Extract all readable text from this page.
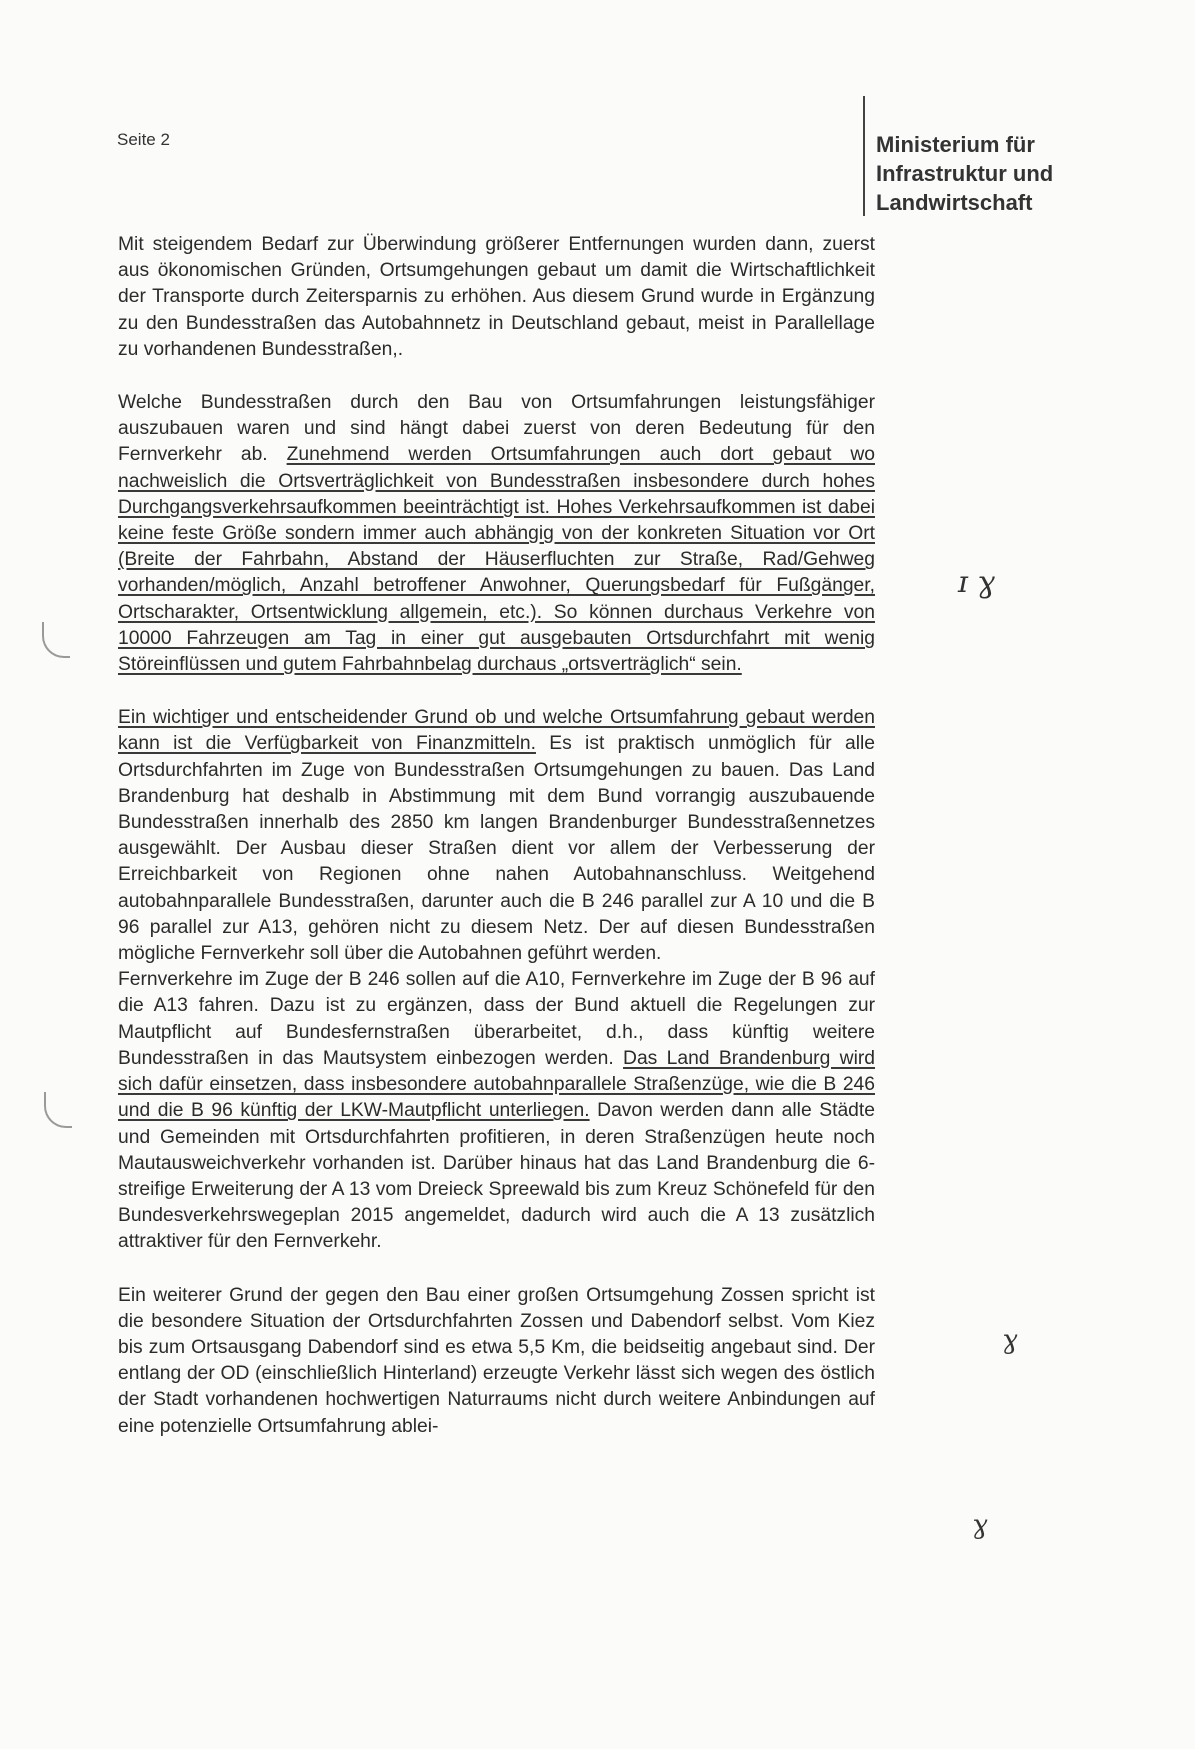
Seite 2	Ministerium für
Infrastruktur und
Landwirtschaft

Mit steigendem Bedarf zur Überwindung größerer Entfernungen wurden dann, zuerst aus ökonomischen Gründen, Ortsumgehungen gebaut um damit die Wirtschaftlichkeit der Transporte durch Zeitersparnis zu erhöhen. Aus diesem Grund wurde in Ergänzung zu den Bundesstraßen das Autobahnnetz in Deutschland gebaut, meist in Parallellage zu vorhandenen Bundesstraßen,.

Welche Bundesstraßen durch den Bau von Ortsumfahrungen leistungsfähiger auszubauen waren und sind hängt dabei zuerst von deren Bedeutung für den Fernverkehr ab. Zunehmend werden Ortsumfahrungen auch dort gebaut wo nachweislich die Ortsverträglichkeit von Bundesstraßen insbesondere durch hohes Durchgangsverkehrsaufkommen beeinträchtigt ist. Hohes Verkehrsaufkommen ist dabei keine feste Größe sondern immer auch abhängig von der konkreten Situation vor Ort (Breite der Fahrbahn, Abstand der Häuserfluchten zur Straße, Rad/Gehweg vorhanden/möglich, Anzahl betroffener Anwohner, Querungsbedarf für Fußgänger, Ortscharakter, Ortsentwicklung allgemein, etc.). So können durchaus Verkehre von 10000 Fahrzeugen am Tag in einer gut ausgebauten Ortsdurchfahrt mit wenig Störeinflüssen und gutem Fahrbahnbelag durchaus „ortsverträglich“ sein.

Ein wichtiger und entscheidender Grund ob und welche Ortsumfahrung gebaut werden kann ist die Verfügbarkeit von Finanzmitteln. Es ist praktisch unmöglich für alle Ortsdurchfahrten im Zuge von Bundesstraßen Ortsumgehungen zu bauen. Das Land Brandenburg hat deshalb in Abstimmung mit dem Bund vorrangig auszubauende Bundesstraßen innerhalb des 2850 km langen Brandenburger Bundesstraßennetzes ausgewählt. Der Ausbau dieser Straßen dient vor allem der Verbesserung der Erreichbarkeit von Regionen ohne nahen Autobahnanschluss. Weitgehend autobahnparallele Bundesstraßen, darunter auch die B 246 parallel zur A 10 und die B 96 parallel zur A13, gehören nicht zu diesem Netz. Der auf diesen Bundesstraßen mögliche Fernverkehr soll über die Autobahnen geführt werden.

Fernverkehre im Zuge der B 246 sollen auf die A10, Fernverkehre im Zuge der B 96 auf die A13 fahren. Dazu ist zu ergänzen, dass der Bund aktuell die Regelungen zur Mautpflicht auf Bundesfernstraßen überarbeitet, d.h., dass künftig weitere Bundesstraßen in das Mautsystem einbezogen werden. Das Land Brandenburg wird sich dafür einsetzen, dass insbesondere autobahnparallele Straßenzüge, wie die B 246 und die B 96 künftig der LKW-Mautpflicht unterliegen. Davon werden dann alle Städte und Gemeinden mit Ortsdurchfahrten profitieren, in deren Straßenzügen heute noch Mautausweichverkehr vorhanden ist. Darüber hinaus hat das Land Brandenburg die 6-streifige Erweiterung der A 13 vom Dreieck Spreewald bis zum Kreuz Schönefeld für den Bundesverkehrswegeplan 2015 angemeldet, dadurch wird auch die A 13 zusätzlich attraktiver für den Fernverkehr.

Ein weiterer Grund der gegen den Bau einer großen Ortsumgehung Zossen spricht ist die besondere Situation der Ortsdurchfahrten Zossen und Dabendorf selbst. Vom Kiez bis zum Ortsausgang Dabendorf sind es etwa 5,5 Km, die beidseitig angebaut sind. Der entlang der OD (einschließlich Hinterland) erzeugte Verkehr lässt sich wegen des östlich der Stadt vorhandenen hochwertigen Naturraums nicht durch weitere Anbindungen auf eine potenzielle Ortsumfahrung ablei-

ɪ ɣ
ɣ
ɣ
